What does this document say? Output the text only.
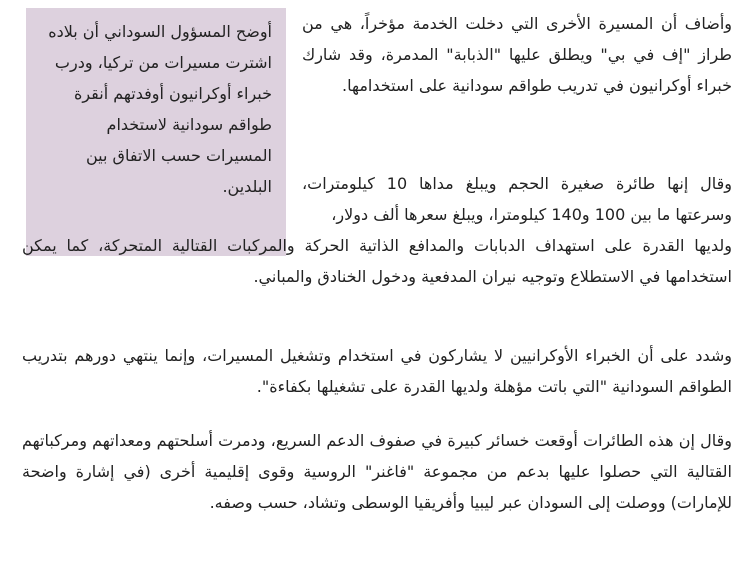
أوضح المسؤول السوداني أن بلاده اشترت مسيرات من تركيا، ودرب خبراء أوكرانيون أوفدتهم أنقرة طواقم سودانية لاستخدام المسيرات حسب الاتفاق بين البلدين.

وأضاف أن المسيرة الأخرى التي دخلت الخدمة مؤخراً، هي من طراز "إف في بي" ويطلق عليها "الذبابة" المدمرة، وقد شارك خبراء أوكرانيون في تدريب طواقم سودانية على استخدامها.

وقال إنها طائرة صغيرة الحجم ويبلغ مداها 10 كيلومترات، وسرعتها ما بين 100 و140 كيلومترا، ويبلغ سعرها ألف دولار،

ولديها القدرة على استهداف الدبابات والمدافع الذاتية الحركة والمركبات القتالية المتحركة، كما يمكن استخدامها في الاستطلاع وتوجيه نيران المدفعية ودخول الخنادق والمباني.

وشدد على أن الخبراء الأوكرانيين لا يشاركون في استخدام وتشغيل المسيرات، وإنما ينتهي دورهم بتدريب الطواقم السودانية "التي باتت مؤهلة ولديها القدرة على تشغيلها بكفاءة".

وقال إن هذه الطائرات أوقعت خسائر كبيرة في صفوف الدعم السريع، ودمرت أسلحتهم ومعداتهم ومركباتهم القتالية التي حصلوا عليها بدعم من مجموعة "فاغنر" الروسية وقوى إقليمية أخرى (في إشارة واضحة للإمارات) ووصلت إلى السودان عبر ليبيا وأفريقيا الوسطى وتشاد، حسب وصفه.
